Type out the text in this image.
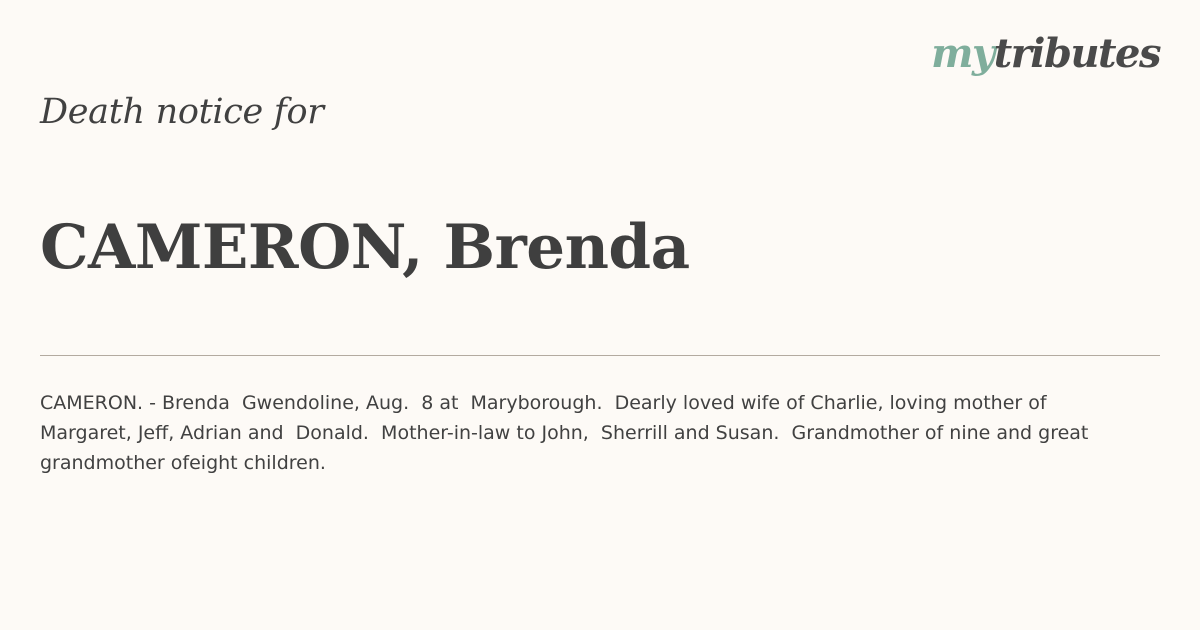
mytributes
Death notice for
CAMERON, Brenda

CAMERON. - Brenda  Gwendoline, Aug.  8 at  Maryborough.  Dearly loved wife of Charlie, loving mother of Margaret, Jeff, Adrian and  Donald.  Mother-in-law to John,  Sherrill and Susan.  Grandmother of nine and great grandmother ofeight children.
